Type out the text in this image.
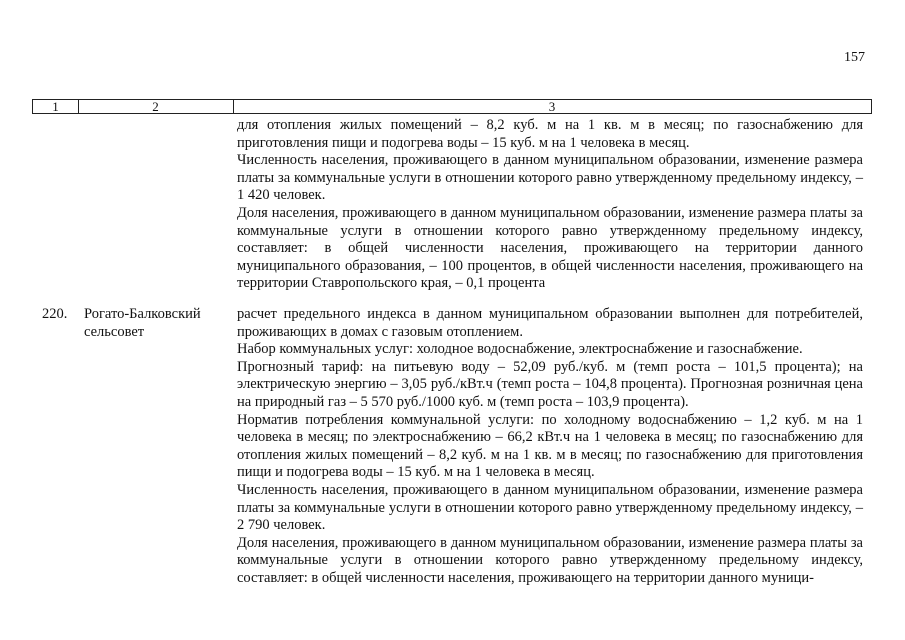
157
1	2	3

для отопления жилых помещений – 8,2 куб. м на 1 кв. м в месяц; по газоснабжению для приготовления пищи и подогрева воды – 15 куб. м на 1 человека в месяц.

Численность населения, проживающего в данном муниципальном образовании, изменение размера платы за коммунальные услуги в отношении которого равно утвержденному предельному индексу, – 1 420 человек.

Доля населения, проживающего в данном муниципальном образовании, изменение размера платы за коммунальные услуги в отношении которого равно утвержденному предельному индексу, составляет: в общей численности населения, проживающего на территории данного муниципального образования, – 100 процентов, в общей численности населения, проживающего на территории Ставропольского края, – 0,1 процента

220. Рогато-Балковский
сельсовет

расчет предельного индекса в данном муниципальном образовании выполнен для потребителей, проживающих в домах с газовым отоплением.

Набор коммунальных услуг: холодное водоснабжение, электроснабжение и газоснабжение.

Прогнозный тариф: на питьевую воду – 52,09 руб./куб. м (темп роста – 101,5 процента); на электрическую энергию – 3,05 руб./кВт.ч (темп роста – 104,8 процента). Прогнозная розничная цена на природный газ – 5 570 руб./1000 куб. м (темп роста – 103,9 процента).

Норматив потребления коммунальной услуги: по холодному водоснабжению – 1,2 куб. м на 1 человека в месяц; по электроснабжению – 66,2 кВт.ч на 1 человека в месяц; по газоснабжению для отопления жилых помещений – 8,2 куб. м на 1 кв. м в месяц; по газоснабжению для приготовления пищи и подогрева воды – 15 куб. м на 1 человека в месяц.

Численность населения, проживающего в данном муниципальном образовании, изменение размера платы за коммунальные услуги в отношении которого равно утвержденному предельному индексу, – 2 790 человек.

Доля населения, проживающего в данном муниципальном образовании, изменение размера платы за коммунальные услуги в отношении которого равно утвержденному предельному индексу, составляет: в общей численности населения, проживающего на территории данного муници-
